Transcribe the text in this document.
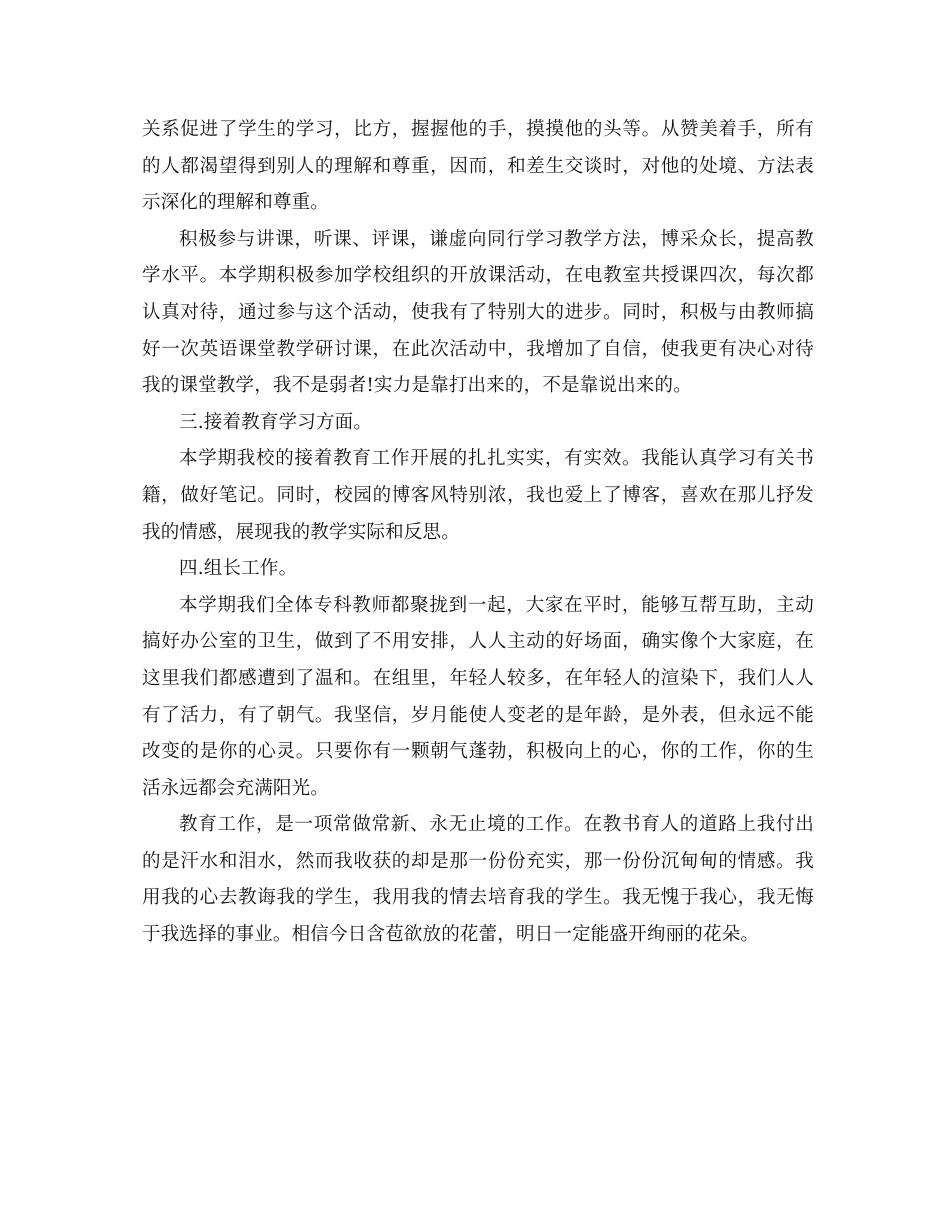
关系促进了学生的学习，比方，握握他的手，摸摸他的头等。从赞美着手，所有的人都渴望得到别人的理解和尊重，因而，和差生交谈时，对他的处境、方法表示深化的理解和尊重。

积极参与讲课，听课、评课，谦虚向同行学习教学方法，博采众长，提高教学水平。本学期积极参加学校组织的开放课活动，在电教室共授课四次，每次都认真对待，通过参与这个活动，使我有了特别大的进步。同时，积极与由教师搞好一次英语课堂教学研讨课，在此次活动中，我增加了自信，使我更有决心对待我的课堂教学，我不是弱者!实力是靠打出来的，不是靠说出来的。

三.接着教育学习方面。

本学期我校的接着教育工作开展的扎扎实实，有实效。我能认真学习有关书籍，做好笔记。同时，校园的博客风特别浓，我也爱上了博客，喜欢在那儿抒发我的情感，展现我的教学实际和反思。

四.组长工作。

本学期我们全体专科教师都聚拢到一起，大家在平时，能够互帮互助，主动搞好办公室的卫生，做到了不用安排，人人主动的好场面，确实像个大家庭，在这里我们都感遭到了温和。在组里，年轻人较多，在年轻人的渲染下，我们人人有了活力，有了朝气。我坚信，岁月能使人变老的是年龄，是外表，但永远不能改变的是你的心灵。只要你有一颗朝气蓬勃，积极向上的心，你的工作，你的生活永远都会充满阳光。

教育工作，是一项常做常新、永无止境的工作。在教书育人的道路上我付出的是汗水和泪水，然而我收获的却是那一份份充实，那一份份沉甸甸的情感。我用我的心去教诲我的学生，我用我的情去培育我的学生。我无愧于我心，我无悔于我选择的事业。相信今日含苞欲放的花蕾，明日一定能盛开绚丽的花朵。
